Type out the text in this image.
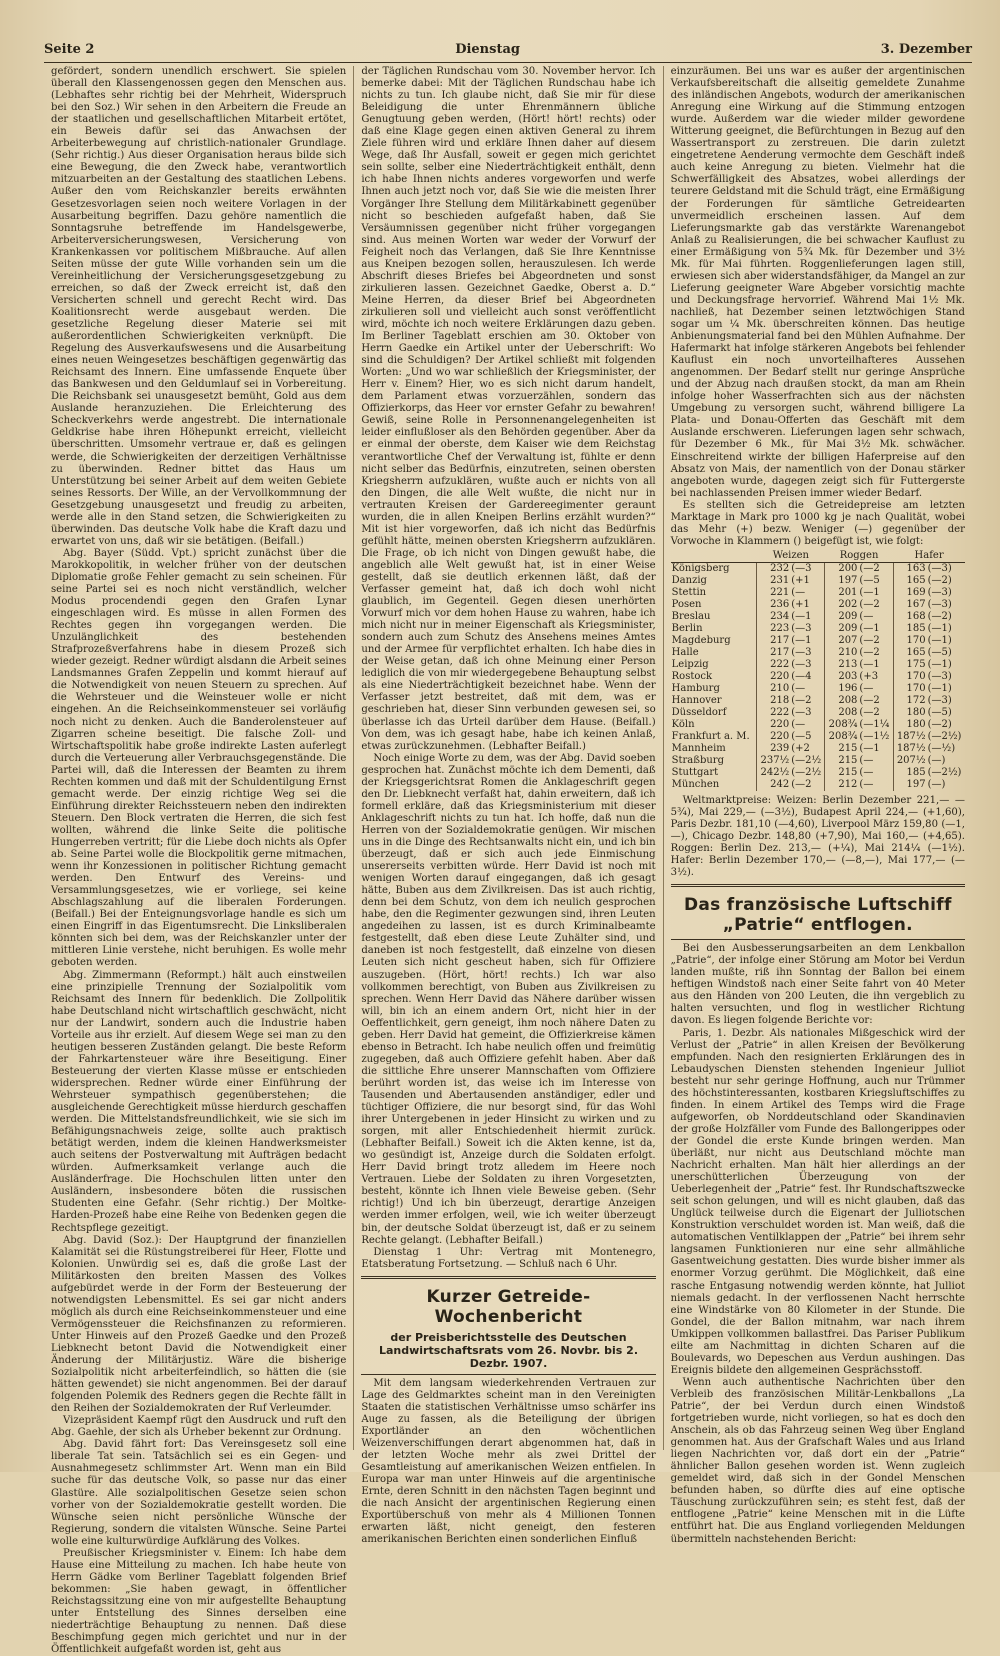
Seite 2	Dienstag	3. Dezember

gefördert, sondern unendlich erschwert. Sie spielen überall den Klassengenossen gegen den Menschen aus. (Lebhaftes sehr richtig bei der Mehrheit, Widerspruch bei den Soz.) Wir sehen in den Arbeitern die Freude an der staatlichen und gesellschaftlichen Mitarbeit ertötet, ein Beweis dafür sei das Anwachsen der Arbeiterbewegung auf christlich-nationaler Grundlage. (Sehr richtig.) Aus dieser Organisation heraus bilde sich eine Bewegung, die den Zweck habe, verantwortlich mitzuarbeiten an der Gestaltung des staatlichen Lebens. Außer den vom Reichskanzler bereits erwähnten Gesetzesvorlagen seien noch weitere Vorlagen in der Ausarbeitung begriffen. Dazu gehöre namentlich die Sonntagsruhe betreffende im Handelsgewerbe, Arbeiterversicherungswesen, Versicherung von Krankenkassen vor politischem Mißbrauche. Auf allen Seiten müsse der gute Wille vorhanden sein um die Vereinheitlichung der Versicherungsgesetzgebung zu erreichen, so daß der Zweck erreicht ist, daß den Versicherten schnell und gerecht Recht wird. Das Koalitionsrecht werde ausgebaut werden. Die gesetzliche Regelung dieser Materie sei mit außerordentlichen Schwierigkeiten verknüpft. Die Regelung des Ausverkaufswesens und die Ausarbeitung eines neuen Weingesetzes beschäftigen gegenwärtig das Reichsamt des Innern. Eine umfassende Enquete über das Bankwesen und den Geldumlauf sei in Vorbereitung. Die Reichsbank sei unausgesetzt bemüht, Gold aus dem Auslande heranzuziehen. Die Erleichterung des Scheckverkehrs werde angestrebt. Die internationale Geldkrise habe ihren Höhepunkt erreicht, vielleicht überschritten. Umsomehr vertraue er, daß es gelingen werde, die Schwierigkeiten der derzeitigen Verhältnisse zu überwinden. Redner bittet das Haus um Unterstützung bei seiner Arbeit auf dem weiten Gebiete seines Ressorts. Der Wille, an der Vervollkommnung der Gesetzgebung unausgesetzt und freudig zu arbeiten, werde alle in den Stand setzen, die Schwierigkeiten zu überwinden. Das deutsche Volk habe die Kraft dazu und erwartet von uns, daß wir sie betätigen. (Beifall.)

Abg. Bayer (Südd. Vpt.) spricht zunächst über die Marokkopolitik, in welcher früher von der deutschen Diplomatie große Fehler gemacht zu sein scheinen. Für seine Partei sei es noch nicht verständlich, welcher Modus procendendi gegen den Grafen Lynar eingeschlagen wird. Es müsse in allen Formen des Rechtes gegen ihn vorgegangen werden. Die Unzulänglichkeit des bestehenden Strafprozeßverfahrens habe in diesem Prozeß sich wieder gezeigt. Redner würdigt alsdann die Arbeit seines Landsmannes Grafen Zeppelin und kommt hierauf auf die Notwendigkeit von neuen Steuern zu sprechen. Auf die Wehrsteuer und die Weinsteuer wolle er nicht eingehen. An die Reichseinkommensteuer sei vorläufig noch nicht zu denken. Auch die Banderolensteuer auf Zigarren scheine beseitigt. Die falsche Zoll- und Wirtschaftspolitik habe große indirekte Lasten auferlegt durch die Verteuerung aller Verbrauchsgegenstände. Die Partei will, daß die Interessen der Beamten zu ihrem Rechten kommen und daß mit der Schuldentilgung Ernst gemacht werde. Der einzig richtige Weg sei die Einführung direkter Reichssteuern neben den indirekten Steuern. Den Block vertraten die Herren, die sich fest wollten, während die linke Seite die politische Hungerreben vertritt; für die Liebe doch nichts als Opfer ab. Seine Partei wolle die Blockpolitik gerne mitmachen, wenn ihr Konzessionen in politischer Richtung gemacht werden. Den Entwurf des Vereins- und Versammlungsgesetzes, wie er vorliege, sei keine Abschlagszahlung auf die liberalen Forderungen. (Beifall.) Bei der Enteignungsvorlage handle es sich um einen Eingriff in das Eigentumsrecht. Die Linksliberalen könnten sich bei dem, was der Reichskanzler unter der mittleren Linie verstehe, nicht beruhigen. Es wolle mehr geboten werden.

Abg. Zimmermann (Reformpt.) hält auch einstweilen eine prinzipielle Trennung der Sozialpolitik vom Reichsamt des Innern für bedenklich. Die Zollpolitik habe Deutschland nicht wirtschaftlich geschwächt, nicht nur der Landwirt, sondern auch die Industrie haben Vorteile aus ihr erzielt. Auf diesem Wege sei man zu den heutigen besseren Zuständen gelangt. Die beste Reform der Fahrkartensteuer wäre ihre Beseitigung. Einer Besteuerung der vierten Klasse müsse er entschieden widersprechen. Redner würde einer Einführung der Wehrsteuer sympathisch gegenüberstehen; die ausgleichende Gerechtigkeit müsse hierdurch geschaffen werden. Die Mittelstandsfreundlichkeit, wie sie sich im Befähigungsnachweis zeige, sollte auch praktisch betätigt werden, indem die kleinen Handwerksmeister auch seitens der Postverwaltung mit Aufträgen bedacht würden. Aufmerksamkeit verlange auch die Ausländerfrage. Die Hochschulen litten unter den Ausländern, insbesondere böten die russischen Studenten eine Gefahr. (Sehr richtig.) Der Moltke-Harden-Prozeß habe eine Reihe von Bedenken gegen die Rechtspflege gezeitigt.

Abg. David (Soz.): Der Hauptgrund der finanziellen Kalamität sei die Rüstungstreiberei für Heer, Flotte und Kolonien. Unwürdig sei es, daß die große Last der Militärkosten den breiten Massen des Volkes aufgebürdet werde in der Form der Besteuerung der notwendigsten Lebensmittel. Es sei gar nicht anders möglich als durch eine Reichseinkommensteuer und eine Vermögenssteuer die Reichsfinanzen zu reformieren. Unter Hinweis auf den Prozeß Gaedke und den Prozeß Liebknecht betont David die Notwendigkeit einer Änderung der Militärjustiz. Wäre die bisherige Sozialpolitik nicht arbeiterfeindlich, so hätten die (sie hätten gewendet) sie nicht angenommen. Bei der darauf folgenden Polemik des Redners gegen die Rechte fällt in den Reihen der Sozialdemokraten der Ruf Verleumder.

Vizepräsident Kaempf rügt den Ausdruck und ruft den Abg. Gaehle, der sich als Urheber bekennt zur Ordnung.

Abg. David fährt fort: Das Vereinsgesetz soll eine liberale Tat sein. Tatsächlich sei es ein Gegen- und Ausnahmegesetz schlimmster Art. Wenn man ein Bild suche für das deutsche Volk, so passe nur das einer Glastüre. Alle sozialpolitischen Gesetze seien schon vorher von der Sozialdemokratie gestellt worden. Die Wünsche seien nicht persönliche Wünsche der Regierung, sondern die vitalsten Wünsche. Seine Partei wolle eine kulturwürdige Aufklärung des Volkes.

Preußischer Kriegsminister v. Einem: Ich habe dem Hause eine Mitteilung zu machen. Ich habe heute von Herrn Gädke vom Berliner Tageblatt folgenden Brief bekommen: „Sie haben gewagt, in öffentlicher Reichstagssitzung eine von mir aufgestellte Behauptung unter Entstellung des Sinnes derselben eine niederträchtige Behauptung zu nennen. Daß diese Beschimpfung gegen mich gerichtet und nur in der Öffentlichkeit aufgefaßt worden ist, geht aus

der Täglichen Rundschau vom 30. November hervor. Ich bemerke dabei: Mit der Täglichen Rundschau habe ich nichts zu tun. Ich glaube nicht, daß Sie mir für diese Beleidigung die unter Ehrenmännern übliche Genugtuung geben werden, (Hört! hört! rechts) oder daß eine Klage gegen einen aktiven General zu ihrem Ziele führen wird und erkläre Ihnen daher auf diesem Wege, daß Ihr Ausfall, soweit er gegen mich gerichtet sein sollte, selber eine Niederträchtigkeit enthält, denn ich habe Ihnen nichts anderes vorgeworfen und werfe Ihnen auch jetzt noch vor, daß Sie wie die meisten Ihrer Vorgänger Ihre Stellung dem Militärkabinett gegenüber nicht so beschieden aufgefaßt haben, daß Sie Versäumnissen gegenüber nicht früher vorgegangen sind. Aus meinen Worten war weder der Vorwurf der Feigheit noch das Verlangen, daß Sie Ihre Kenntnisse aus Kneipen bezogen sollen, herauszulesen. Ich werde Abschrift dieses Briefes bei Abgeordneten und sonst zirkulieren lassen. Gezeichnet Gaedke, Oberst a. D.“ Meine Herren, da dieser Brief bei Abgeordneten zirkulieren soll und vielleicht auch sonst veröffentlicht wird, möchte ich noch weitere Erklärungen dazu geben. Im Berliner Tageblatt erschien am 30. Oktober von Herrn Gaedke ein Artikel unter der Ueberschrift: Wo sind die Schuldigen? Der Artikel schließt mit folgenden Worten: „Und wo war schließlich der Kriegsminister, der Herr v. Einem? Hier, wo es sich nicht darum handelt, dem Parlament etwas vorzuerzählen, sondern das Offizierkorps, das Heer vor ernster Gefahr zu bewahren! Gewiß, seine Rolle in Personnenangelegenheiten ist leider einflußloser als den Behörden gegenüber. Aber da er einmal der oberste, dem Kaiser wie dem Reichstag verantwortliche Chef der Verwaltung ist, fühlte er denn nicht selber das Bedürfnis, einzutreten, seinen obersten Kriegsherrn aufzuklären, wußte auch er nichts von all den Dingen, die alle Welt wußte, die nicht nur in vertrauten Kreisen der Gardereegimenter geraunt wurden, die in allen Kneipen Berlins erzählt wurden?“ Mit ist hier vorgeworfen, daß ich nicht das Bedürfnis gefühlt hätte, meinen obersten Kriegsherrn aufzuklären. Die Frage, ob ich nicht von Dingen gewußt habe, die angeblich alle Welt gewußt hat, ist in einer Weise gestellt, daß sie deutlich erkennen läßt, daß der Verfasser gemeint hat, daß ich doch wohl nicht glaublich, im Gegenteil. Gegen diesen unerhörten Vorwurf mich vor dem hohen Hause zu wahren, habe ich mich nicht nur in meiner Eigenschaft als Kriegsminister, sondern auch zum Schutz des Ansehens meines Amtes und der Armee für verpflichtet erhalten. Ich habe dies in der Weise getan, daß ich ohne Meinung einer Person lediglich die von mir wiedergegebene Behauptung selbst als eine Niederträchtigkeit bezeichnet habe. Wenn der Verfasser jetzt bestreitet, daß mit dem, was er geschrieben hat, dieser Sinn verbunden gewesen sei, so überlasse ich das Urteil darüber dem Hause. (Beifall.) Von dem, was ich gesagt habe, habe ich keinen Anlaß, etwas zurückzunehmen. (Lebhafter Beifall.)

Noch einige Worte zu dem, was der Abg. David soeben gesprochen hat. Zunächst möchte ich dem Dementi, daß der Kriegsgerichtsrat Romen die Anklageschrift gegen den Dr. Liebknecht verfaßt hat, dahin erweitern, daß ich formell erkläre, daß das Kriegsministerium mit dieser Anklageschrift nichts zu tun hat. Ich hoffe, daß nun die Herren von der Sozialdemokratie genügen. Wir mischen uns in die Dinge des Rechtsanwalts nicht ein, und ich bin überzeugt, daß er sich auch jede Einmischung unsererseits verbitten würde. Herr David ist noch mit wenigen Worten darauf eingegangen, daß ich gesagt hätte, Buben aus dem Zivilkreisen. Das ist auch richtig, denn bei dem Schutz, von dem ich neulich gesprochen habe, den die Regimenter gezwungen sind, ihren Leuten angedeihen zu lassen, ist es durch Kriminalbeamte festgestellt, daß eben diese Leute Zuhälter sind, und daneben ist noch festgestellt, daß einzelne von diesen Leuten sich nicht gescheut haben, sich für Offiziere auszugeben. (Hört, hört! rechts.) Ich war also vollkommen berechtigt, von Buben aus Zivilkreisen zu sprechen. Wenn Herr David das Nähere darüber wissen will, bin ich an einem andern Ort, nicht hier in der Oeffentlichkeit, gern geneigt, ihm noch nähere Daten zu geben. Herr David hat gemeint, die Offizierkreise kämen ebenso in Betracht. Ich habe neulich offen und freimütig zugegeben, daß auch Offiziere gefehlt haben. Aber daß die sittliche Ehre unserer Mannschaften vom Offiziere berührt worden ist, das weise ich im Interesse von Tausenden und Abertausenden anständiger, edler und tüchtiger Offiziere, die nur besorgt sind, für das Wohl ihrer Untergebenen in jeder Hinsicht zu wirken und zu sorgen, mit aller Entschiedenheit hiermit zurück. (Lebhafter Beifall.) Soweit ich die Akten kenne, ist da, wo gesündigt ist, Anzeige durch die Soldaten erfolgt. Herr David bringt trotz alledem im Heere noch Vertrauen. Liebe der Soldaten zu ihren Vorgesetzten, besteht, könnte ich Ihnen viele Beweise geben. (Sehr richtig!) Und ich bin überzeugt, derartige Anzeigen werden immer erfolgen, weil, wie ich weiter überzeugt bin, der deutsche Soldat überzeugt ist, daß er zu seinem Rechte gelangt. (Lebhafter Beifall.)

Dienstag 1 Uhr: Vertrag mit Montenegro, Etatsberatung Fortsetzung. — Schluß nach 6 Uhr.

Kurzer Getreide-Wochenbericht
der Preisberichtsstelle des Deutschen Landwirtschaftsrats vom 26. Novbr. bis 2. Dezbr. 1907.

Mit dem langsam wiederkehrenden Vertrauen zur Lage des Geldmarktes scheint man in den Vereinigten Staaten die statistischen Verhältnisse umso schärfer ins Auge zu fassen, als die Beteiligung der übrigen Exportländer an den wöchentlichen Weizenverschiffungen derart abgenommen hat, daß in der letzten Woche mehr als zwei Drittel der Gesamtleistung auf amerikanischen Weizen entfielen. In Europa war man unter Hinweis auf die argentinische Ernte, deren Schnitt in den nächsten Tagen beginnt und die nach Ansicht der argentinischen Regierung einen Exportüberschuß von mehr als 4 Millionen Tonnen erwarten läßt, nicht geneigt, den festeren amerikanischen Berichten einen sonderlichen Einfluß

einzuräumen. Bei uns war es außer der argentinischen Verkaufsbereitschaft die allseitig gemeldete Zunahme des inländischen Angebots, wodurch der amerikanischen Anregung eine Wirkung auf die Stimmung entzogen wurde. Außerdem war die wieder milder gewordene Witterung geeignet, die Befürchtungen in Bezug auf den Wassertransport zu zerstreuen. Die darin zuletzt eingetretene Aenderung vermochte dem Geschäft indeß auch keine Anregung zu bieten. Vielmehr hat die Schwerfälligkeit des Absatzes, wobei allerdings der teurere Geldstand mit die Schuld trägt, eine Ermäßigung der Forderungen für sämtliche Getreidearten unvermeidlich erscheinen lassen. Auf dem Lieferungsmarkte gab das verstärkte Warenangebot Anlaß zu Realisierungen, die bei schwacher Kauflust zu einer Ermäßigung von 5¾ Mk. für Dezember und 3½ Mk. für Mai führten. Roggenlieferungen lagen still, erwiesen sich aber widerstandsfähiger, da Mangel an zur Lieferung geeigneter Ware Abgeber vorsichtig machte und Deckungsfrage hervorrief. Während Mai 1½ Mk. nachließ, hat Dezember seinen letztwöchigen Stand sogar um ¼ Mk. überschreiten können. Das heutige Anbienungsmaterial fand bei den Mühlen Aufnahme. Der Hafermarkt hat infolge stärkeren Angebots bei fehlender Kauflust ein noch unvorteilhafteres Aussehen angenommen. Der Bedarf stellt nur geringe Ansprüche und der Abzug nach draußen stockt, da man am Rhein infolge hoher Wasserfrachten sich aus der nächsten Umgebung zu versorgen sucht, während billigere La Plata- und Donau-Offerten das Geschäft mit dem Auslande erschweren. Lieferungen lagen sehr schwach, für Dezember 6 Mk., für Mai 3½ Mk. schwächer. Einschreitend wirkte der billigen Haferpreise auf den Absatz von Mais, der namentlich von der Donau stärker angeboten wurde, dagegen zeigt sich für Futtergerste bei nachlassenden Preisen immer wieder Bedarf.

Es stellten sich die Getreidepreise am letzten Marktage in Mark pro 1000 kg je nach Qualität, wobei das Mehr (+) bezw. Weniger (—) gegenüber der Vorwoche in Klammern () beigefügt ist, wie folgt:

	Weizen		Roggen		Hafer	
Königsberg	232	(—3	200	(—2	163	(—3)
Danzig	231	(+1	197	(—5	165	(—2)
Stettin	221	(—	201	(—1	169	(—3)
Posen	236	(+1	202	(—2	167	(—3)
Breslau	234	(—1	209	(—	168	(—2)
Berlin	223	(—3	209	(—1	185	(—1)
Magdeburg	217	(—1	207	(—2	170	(—1)
Halle	217	(—3	210	(—2	165	(—5)
Leipzig	222	(—3	213	(—1	175	(—1)
Rostock	220	(—4	203	(+3	170	(—3)
Hamburg	210	(—	196	(—	170	(—1)
Hannover	218	(—2	208	(—2	172	(—3)
Düsseldorf	222	(—3	208	(—2	180	(—5)
Köln	220	(—	208¾	(—1¼	180	(—2)
Frankfurt a. M.	220	(—5	208¾	(—1½	187½	(—2½)
Mannheim	239	(+2	215	(—1	187½	(—½)
Straßburg	237½	(—2½	215	(—	207½	(—)
Stuttgart	242½	(—2½	215	(—	185	(—2½)
München	242	(—2	212	(—	197	(—)

Weltmarktpreise: Weizen: Berlin Dezember 221,— —5¾), Mai 229,— (—3½), Budapest April 224,— (+1,60), Paris Dezbr. 181,10 (—4,60), Liverpool März 159,80 (—1,—), Chicago Dezbr. 148,80 (+7,90), Mai 160,— (+4,65). Roggen: Berlin Dez. 213,— (+¼), Mai 214¼ (—1½). Hafer: Berlin Dezember 170,— (—8,—), Mai 177,— (—3½).

Das französische Luftschiff „Patrie“ entflogen.

Bei den Ausbesserungsarbeiten an dem Lenkballon „Patrie“, der infolge einer Störung am Motor bei Verdun landen mußte, riß ihn Sonntag der Ballon bei einem heftigen Windstoß nach einer Seite fahrt von 40 Meter aus den Händen von 200 Leuten, die ihn vergeblich zu halten versuchten, und flog in westlicher Richtung davon. Es liegen folgende Berichte vor:

Paris, 1. Dezbr. Als nationales Mißgeschick wird der Verlust der „Patrie“ in allen Kreisen der Bevölkerung empfunden. Nach den resignierten Erklärungen des in Lebaudyschen Diensten stehenden Ingenieur Julliot besteht nur sehr geringe Hoffnung, auch nur Trümmer des höchstinteressanten, kostbaren Kriegsluftschiffes zu finden. In einem Artikel des Temps wird die Frage aufgeworfen, ob Norddeutschland oder Skandinavien der große Holzfäller vom Funde des Ballongerippes oder der Gondel die erste Kunde bringen werden. Man überläßt, nur nicht aus Deutschland möchte man Nachricht erhalten. Man hält hier allerdings an der unerschütterlichen Überzeugung von der Ueberlegenheit der „Patrie“ fest. Ihr Rundschaftszwecke seit schon gelungen, und will es nicht glauben, daß das Unglück teilweise durch die Eigenart der Julliotschen Konstruktion verschuldet worden ist. Man weiß, daß die automatischen Ventilklappen der „Patrie“ bei ihrem sehr langsamen Funktionieren nur eine sehr allmähliche Gasentweichung gestatten. Dies wurde bisher immer als enormer Vorzug gerühmt. Die Möglichkeit, daß eine rasche Entgasung notwendig werden könnte, hat Julliot niemals gedacht. In der verflossenen Nacht herrschte eine Windstärke von 80 Kilometer in der Stunde. Die Gondel, die der Ballon mitnahm, war nach ihrem Umkippen vollkommen ballastfrei. Das Pariser Publikum eilte am Nachmittag in dichten Scharen auf die Boulevards, wo Depeschen aus Verdun aushingen. Das Ereignis bildete den allgemeinen Gesprächsstoff.

Wenn auch authentische Nachrichten über den Verbleib des französischen Militär-Lenkballons „La Patrie“, der bei Verdun durch einen Windstoß fortgetrieben wurde, nicht vorliegen, so hat es doch den Anschein, als ob das Fahrzeug seinen Weg über England genommen hat. Aus der Grafschaft Wales und aus Irland liegen Nachrichten vor, daß dort ein der „Patrie“ ähnlicher Ballon gesehen worden ist. Wenn zugleich gemeldet wird, daß sich in der Gondel Menschen befunden haben, so dürfte dies auf eine optische Täuschung zurückzuführen sein; es steht fest, daß der entflogene „Patrie“ keine Menschen mit in die Lüfte entführt hat. Die aus England vorliegenden Meldungen übermitteln nachstehenden Bericht:
